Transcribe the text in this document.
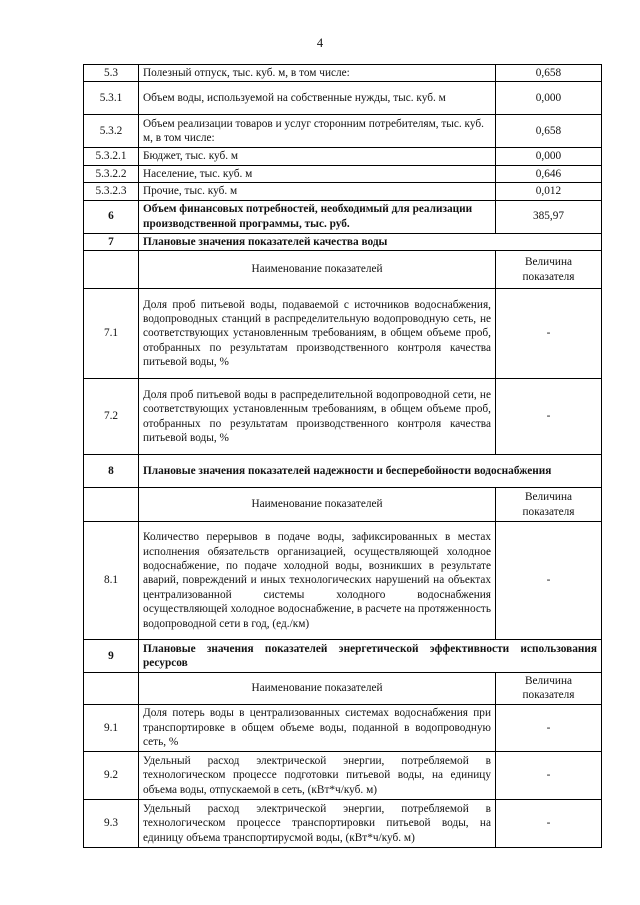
4
5.3	Полезный отпуск, тыс. куб. м, в том числе:	0,658
5.3.1	Объем воды, используемой на собственные нужды, тыс. куб. м	0,000
5.3.2	Объем реализации товаров и услуг сторонним потребителям, тыс. куб. м, в том числе:	0,658
5.3.2.1	Бюджет, тыс. куб. м	0,000
5.3.2.2	Население, тыс. куб. м	0,646
5.3.2.3	Прочие, тыс. куб. м	0,012
6	Объем финансовых потребностей, необходимый для реализации производственной программы, тыс. руб.	385,97
7	Плановые значения показателей качества воды	
	Наименование показателей	Величина показателя
7.1	Доля проб питьевой воды, подаваемой с источников водоснабжения, водопроводных станций в распределительную водопроводную сеть, не соответствующих установленным требованиям, в общем объеме проб, отобранных по результатам производственного контроля качества питьевой воды, %	-
7.2	Доля проб питьевой воды в распределительной водопроводной сети, не соответствующих установленным требованиям, в общем объеме проб, отобранных по результатам производственного контроля качества питьевой воды, %	-
8	Плановые значения показателей надежности и бесперебойности водоснабжения	
	Наименование показателей	Величина показателя
8.1	Количество перерывов в подаче воды, зафиксированных в местах исполнения обязательств организацией, осуществляющей холодное водоснабжение, по подаче холодной воды, возникших в результате аварий, повреждений и иных технологических нарушений на объектах централизованной системы холодного водоснабжения осуществляющей холодное водоснабжение, в расчете на протяженность водопроводной сети в год, (ед./км)	-
9	Плановые значения показателей энергетической эффективности использования ресурсов	
	Наименование показателей	Величина показателя
9.1	Доля потерь воды в централизованных системах водоснабжения при транспортировке в общем объеме воды, поданной в водопроводную сеть, %	-
9.2	Удельный расход электрической энергии, потребляемой в технологическом процессе подготовки питьевой воды, на единицу объема воды, отпускаемой в сеть, (кВт*ч/куб. м)	-
9.3	Удельный расход электрической энергии, потребляемой в технологическом процессе транспортировки питьевой воды, на единицу объема транспортирусмой воды, (кВт*ч/куб. м)	-
